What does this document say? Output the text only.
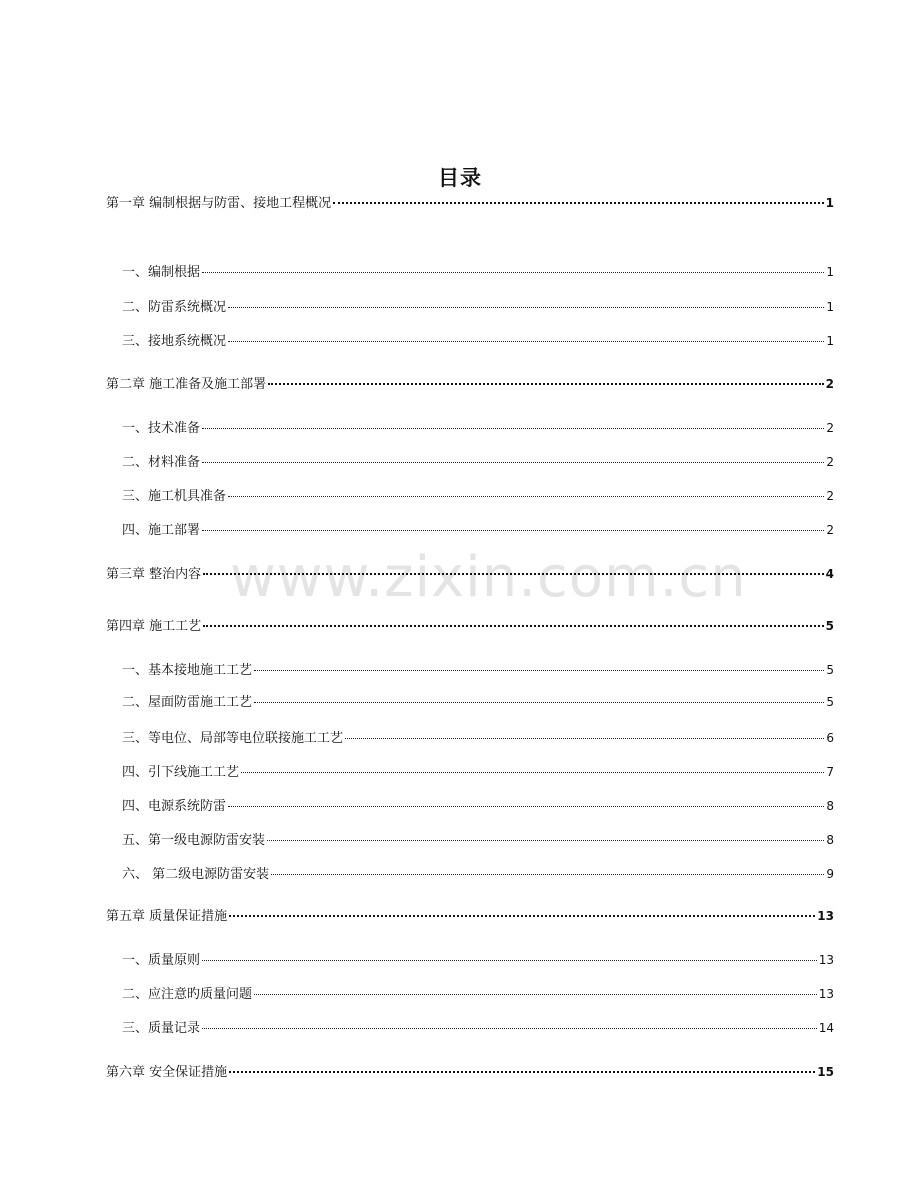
目录
www.zixin.com.cn
第一章 编制根据与防雷、接地工程概况	1
一、编制根据	1
二、防雷系统概况	1
三、接地系统概况	1
第二章 施工准备及施工部署	2
一、技术准备	2
二、材料准备	2
三、施工机具准备	2
四、施工部署	2
第三章 整治内容	4
第四章 施工工艺	5
一、基本接地施工工艺	5
二、屋面防雷施工工艺	5
三、等电位、局部等电位联接施工工艺	6
四、引下线施工工艺	7
四、电源系统防雷	8
五、第一级电源防雷安装	8
六、 第二级电源防雷安装	9
第五章 质量保证措施	13
一、质量原则	13
二、应注意旳质量问题	13
三、质量记录	14
第六章 安全保证措施	15
